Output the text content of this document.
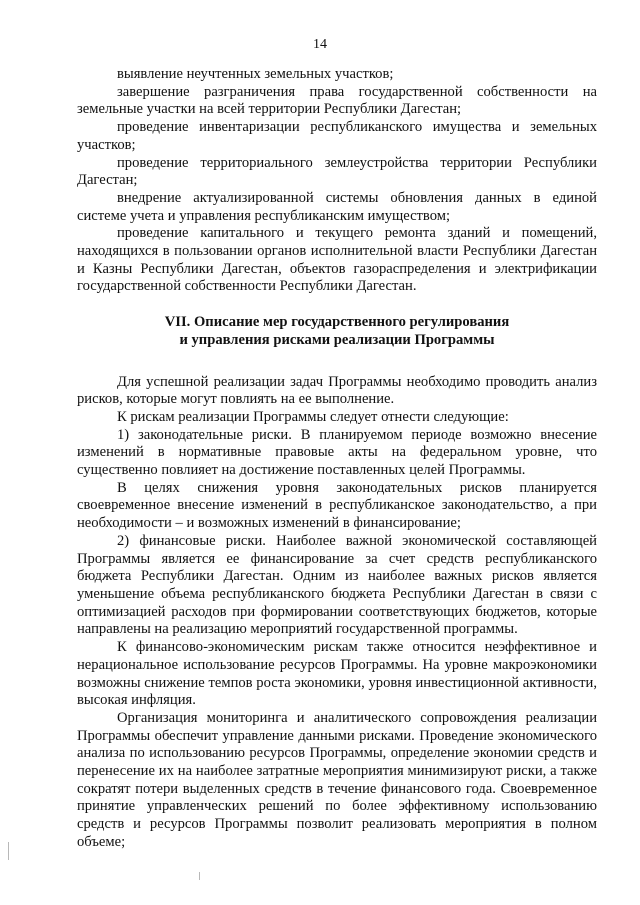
14

выявление неучтенных земельных участков;

завершение разграничения права государственной собственности на земельные участки на всей территории Республики Дагестан;

проведение инвентаризации республиканского имущества и земельных участков;

проведение территориального землеустройства территории Республики Дагестан;

внедрение актуализированной системы обновления данных в единой системе учета и управления республиканским имуществом;

проведение капитального и текущего ремонта зданий и помещений, находящихся в пользовании органов исполнительной власти Республики Дагестан и Казны Республики Дагестан, объектов газораспределения и электрификации государственной собственности Республики Дагестан.

VII. Описание мер государственного регулирования
и управления рисками реализации Программы

Для успешной реализации задач Программы необходимо проводить анализ рисков, которые могут повлиять на ее выполнение.

К рискам реализации Программы следует отнести следующие:

1) законодательные риски. В планируемом периоде возможно внесение изменений в нормативные правовые акты на федеральном уровне, что существенно повлияет на достижение поставленных целей Программы.

В целях снижения уровня законодательных рисков планируется своевременное внесение изменений в республиканское законодательство, а при необходимости – и возможных изменений в финансирование;

2) финансовые риски. Наиболее важной экономической составляющей Программы является ее финансирование за счет средств республиканского бюджета Республики Дагестан. Одним из наиболее важных рисков является уменьшение объема республиканского бюджета Республики Дагестан в связи с оптимизацией расходов при формировании соответствующих бюджетов, которые направлены на реализацию мероприятий государственной программы.

К финансово-экономическим рискам также относится неэффективное и нерациональное использование ресурсов Программы. На уровне макроэкономики возможны снижение темпов роста экономики, уровня инвестиционной активности, высокая инфляция.

Организация мониторинга и аналитического сопровождения реализации Программы обеспечит управление данными рисками. Проведение экономического анализа по использованию ресурсов Программы, определение экономии средств и перенесение их на наиболее затратные мероприятия минимизируют риски, а также сократят потери выделенных средств в течение финансового года. Своевременное принятие управленческих решений по более эффективному использованию средств и ресурсов Программы позволит реализовать мероприятия в полном объеме;
